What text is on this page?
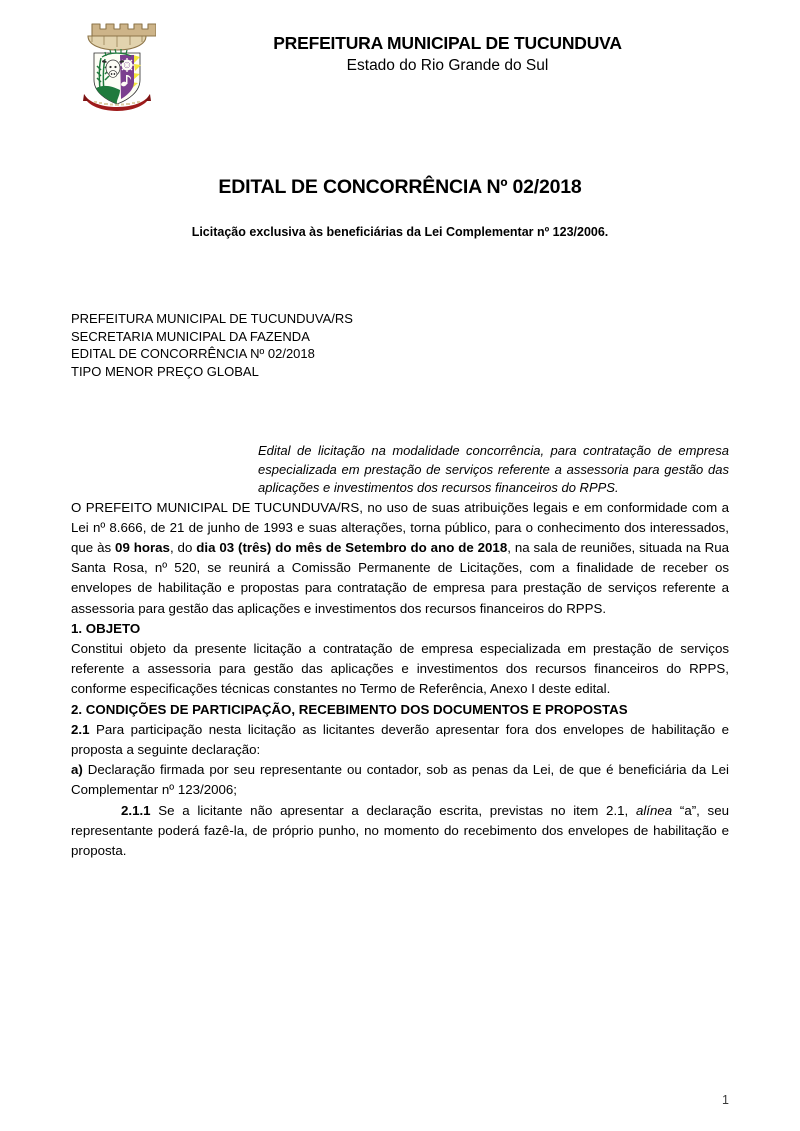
PREFEITURA MUNICIPAL DE TUCUNDUVA
Estado do Rio Grande do Sul
EDITAL DE CONCORRÊNCIA Nº 02/2018
Licitação exclusiva às beneficiárias da Lei Complementar nº 123/2006.
PREFEITURA MUNICIPAL DE TUCUNDUVA/RS
SECRETARIA MUNICIPAL DA FAZENDA
EDITAL DE CONCORRÊNCIA Nº 02/2018
TIPO MENOR PREÇO GLOBAL
Edital de licitação na modalidade concorrência, para contratação de empresa especializada em prestação de serviços referente a assessoria para gestão das aplicações e investimentos dos recursos financeiros do RPPS.

O PREFEITO MUNICIPAL DE TUCUNDUVA/RS, no uso de suas atribuições legais e em conformidade com a Lei nº 8.666, de 21 de junho de 1993 e suas alterações, torna público, para o conhecimento dos interessados, que às 09 horas, do dia 03 (três) do mês de Setembro do ano de 2018, na sala de reuniões, situada na Rua Santa Rosa, nº 520, se reunirá a Comissão Permanente de Licitações, com a finalidade de receber os envelopes de habilitação e propostas para contratação de empresa para prestação de serviços referente a assessoria para gestão das aplicações e investimentos dos recursos financeiros do RPPS.

1. OBJETO

Constitui objeto da presente licitação a contratação de empresa especializada em prestação de serviços referente a assessoria para gestão das aplicações e investimentos dos recursos financeiros do RPPS, conforme especificações técnicas constantes no Termo de Referência, Anexo I deste edital.

2. CONDIÇÕES DE PARTICIPAÇÃO, RECEBIMENTO DOS DOCUMENTOS E PROPOSTAS

2.1 Para participação nesta licitação as licitantes deverão apresentar fora dos envelopes de habilitação e proposta a seguinte declaração:

a) Declaração firmada por seu representante ou contador, sob as penas da Lei, de que é beneficiária da Lei Complementar nº 123/2006;

2.1.1 Se a licitante não apresentar a declaração escrita, previstas no item 2.1, alínea “a”, seu representante poderá fazê-la, de próprio punho, no momento do recebimento dos envelopes de habilitação e proposta.

1
